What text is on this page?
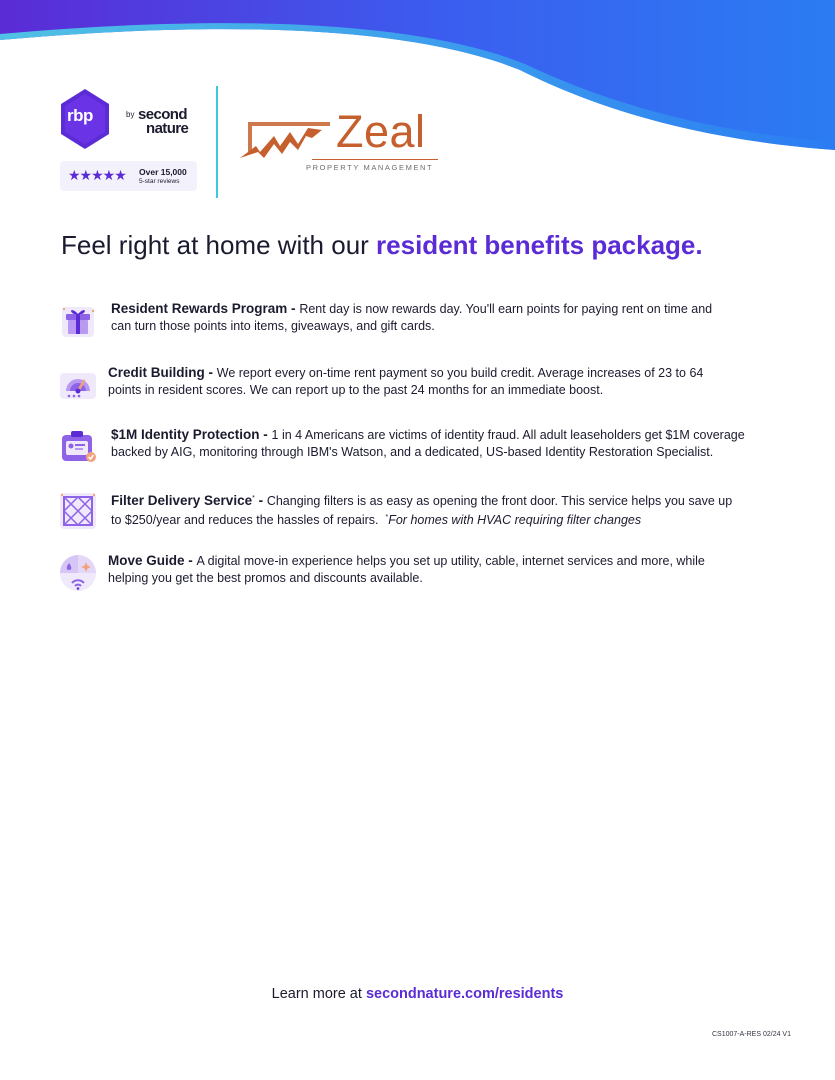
rbp	by second
nature
★★★★★ Over 15,000
5-star reviews
Zeal
PROPERTY MANAGEMENT
Feel right at home with our resident benefits package.
Resident Rewards Program - Rent day is now rewards day. You'll earn points for paying rent on time and
can turn those points into items, giveaways, and gift cards.
Credit Building - We report every on-time rent payment so you build credit. Average increases of 23 to 64
points in resident scores. We can report up to the past 24 months for an immediate boost.
$1M Identity Protection - 1 in 4 Americans are victims of identity fraud. All adult leaseholders get $1M coverage
backed by AIG, monitoring through IBM's Watson, and a dedicated, US-based Identity Restoration Specialist.
Filter Delivery Service* - Changing filters is as easy as opening the front door. This service helps you save up
to $250/year and reduces the hassles of repairs. *For homes with HVAC requiring filter changes
Move Guide - A digital move-in experience helps you set up utility, cable, internet services and more, while
helping you get the best promos and discounts available.
Learn more at secondnature.com/residents
CS1007-A-RES 02/24 V1
